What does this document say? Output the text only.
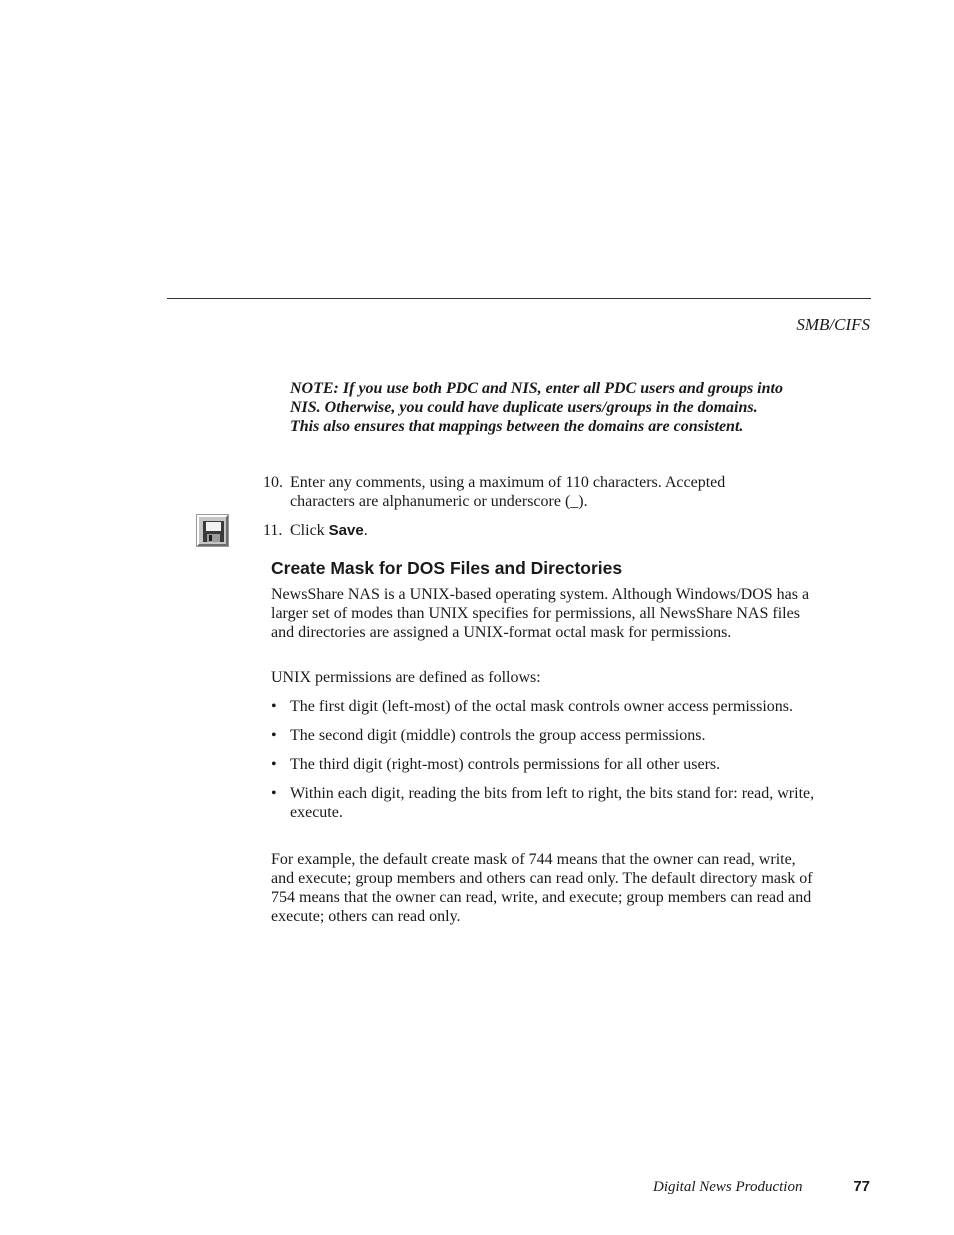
SMB/CIFS
NOTE: If you use both PDC and NIS, enter all PDC users and groups into NIS. Otherwise, you could have duplicate users/groups in the domains. This also ensures that mappings between the domains are consistent.
10. Enter any comments, using a maximum of 110 characters. Accepted characters are alphanumeric or underscore (_).
11. Click Save.
Create Mask for DOS Files and Directories
NewsShare NAS is a UNIX-based operating system. Although Windows/DOS has a larger set of modes than UNIX specifies for permissions, all NewsShare NAS files and directories are assigned a UNIX-format octal mask for permissions.
UNIX permissions are defined as follows:
• The first digit (left-most) of the octal mask controls owner access permissions.
• The second digit (middle) controls the group access permissions.
• The third digit (right-most) controls permissions for all other users.
• Within each digit, reading the bits from left to right, the bits stand for: read, write, execute.
For example, the default create mask of 744 means that the owner can read, write, and execute; group members and others can read only. The default directory mask of 754 means that the owner can read, write, and execute; group members can read and execute; others can read only.
Digital News Production	77
